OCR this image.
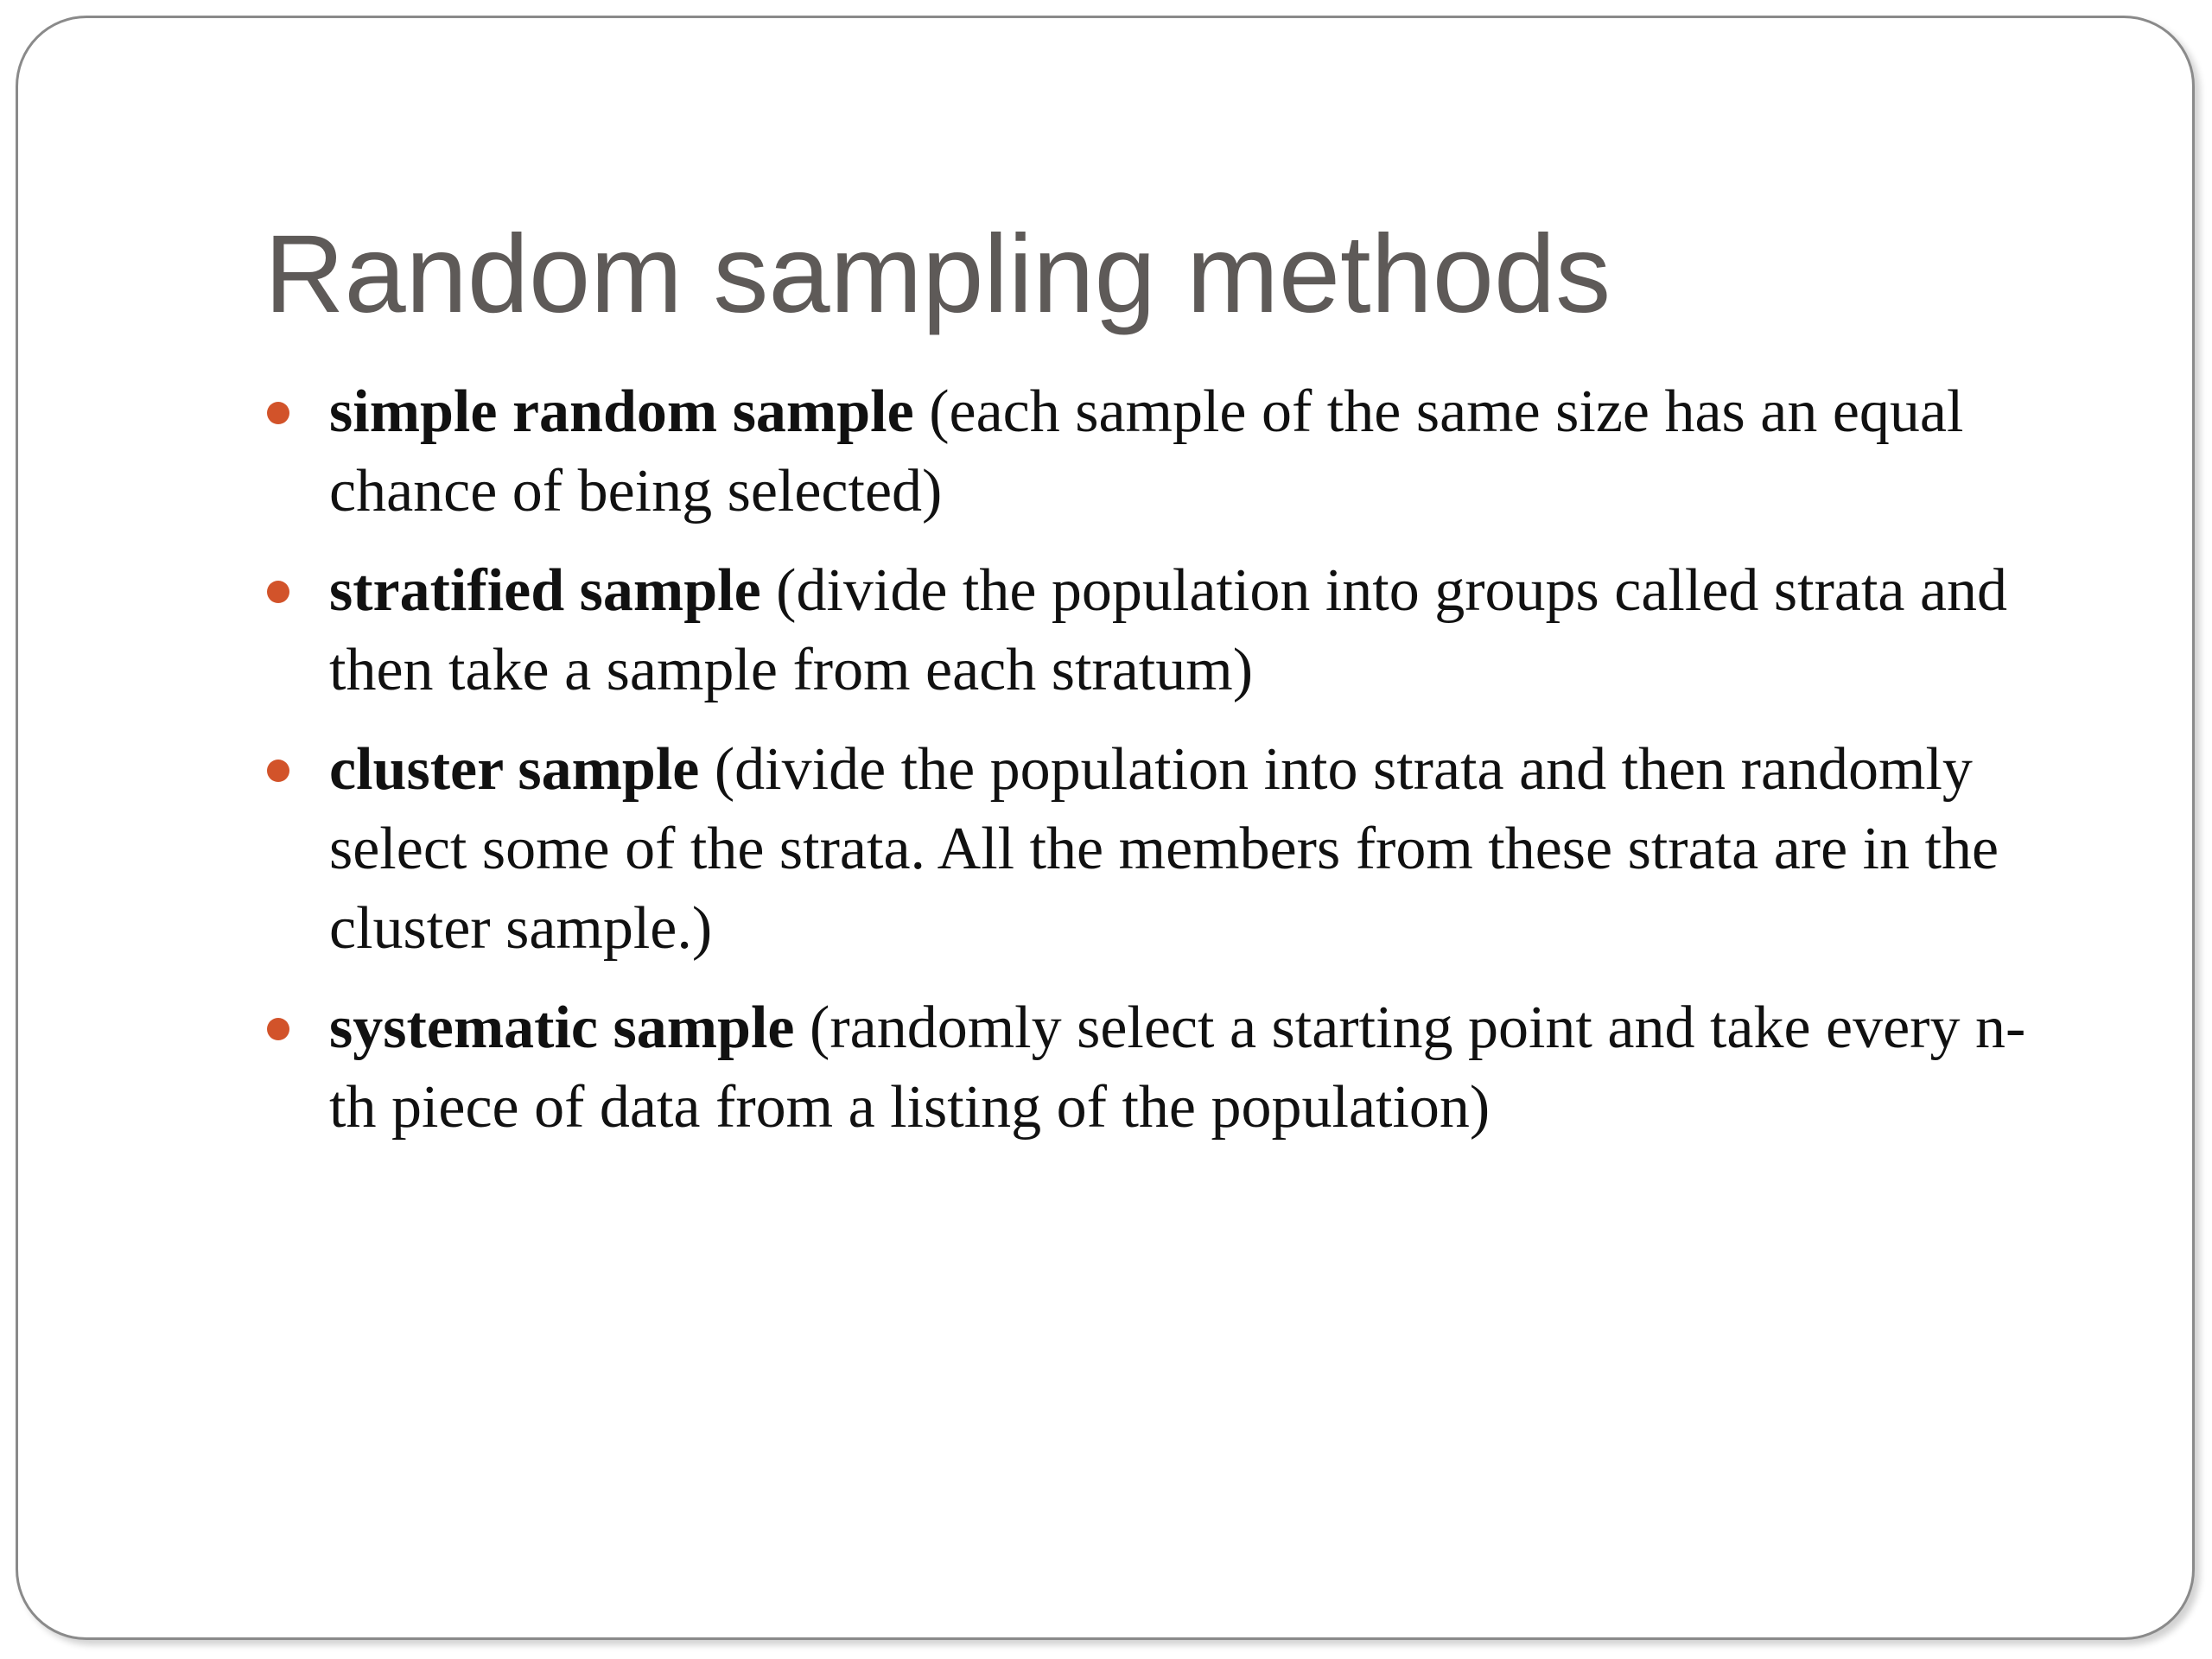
Random sampling methods
simple random sample (each sample of the same size has an equal chance of being selected)
stratified sample (divide the population into groups called strata and then take a sample from each stratum)
cluster sample (divide the population into strata and then randomly select some of the strata. All the members from these strata are in the cluster sample.)
systematic sample (randomly select a starting point and take every n-th piece of data from a listing of the population)
